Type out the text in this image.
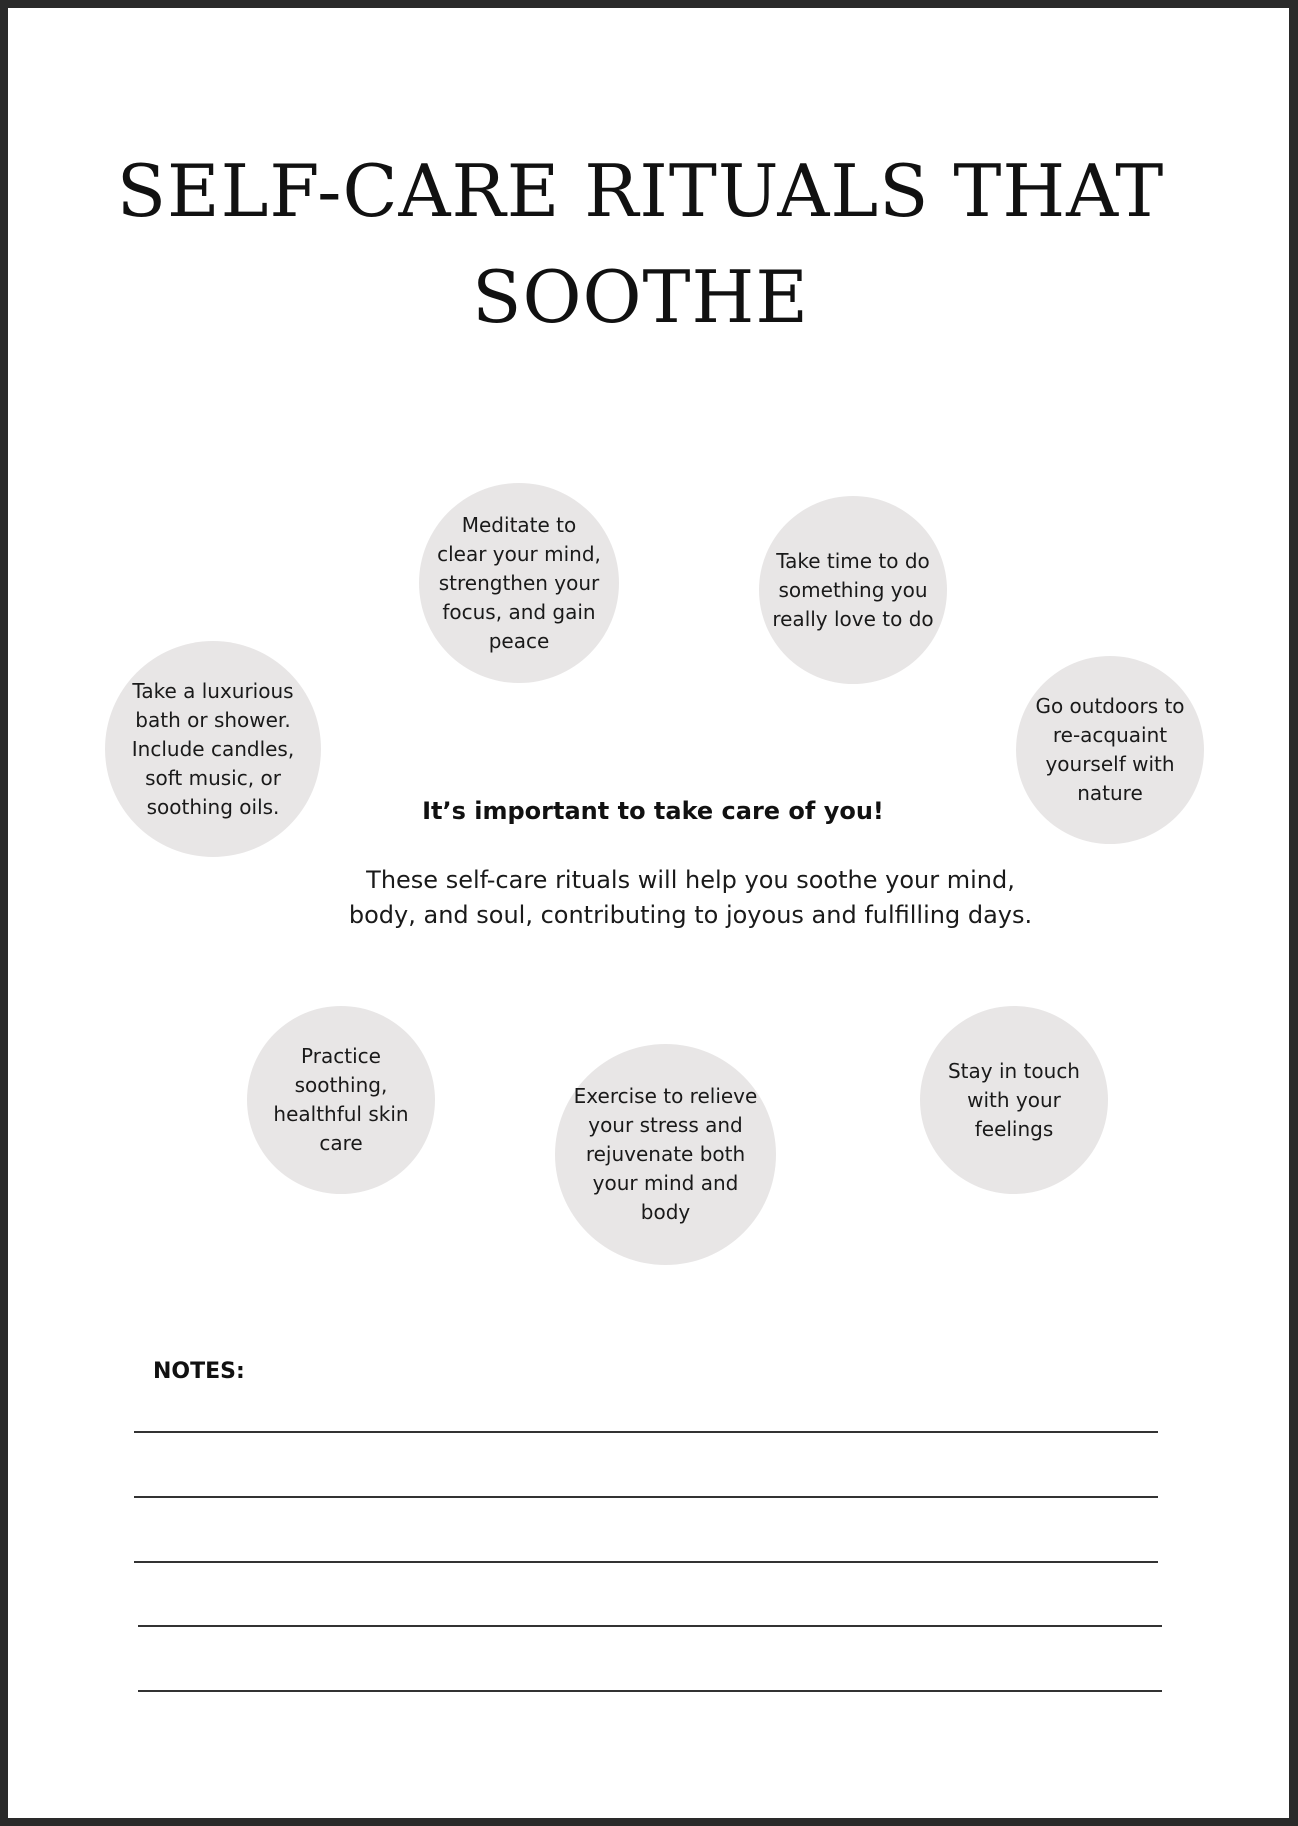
SELF-CARE RITUALS THAT
SOOTHE
Meditate to
clear your mind,
strengthen your
focus, and gain
peace
Take time to do
something you
really love to do
Take a luxurious
bath or shower.
Include candles,
soft music, or
soothing oils.
Go outdoors to
re-acquaint
yourself with
nature
Practice
soothing,
healthful skin
care
Exercise to relieve
your stress and
rejuvenate both
your mind and
body
Stay in touch
with your
feelings
It’s important to take care of you!
These self-care rituals will help you soothe your mind,
body, and soul, contributing to joyous and fulfilling days.
NOTES:
